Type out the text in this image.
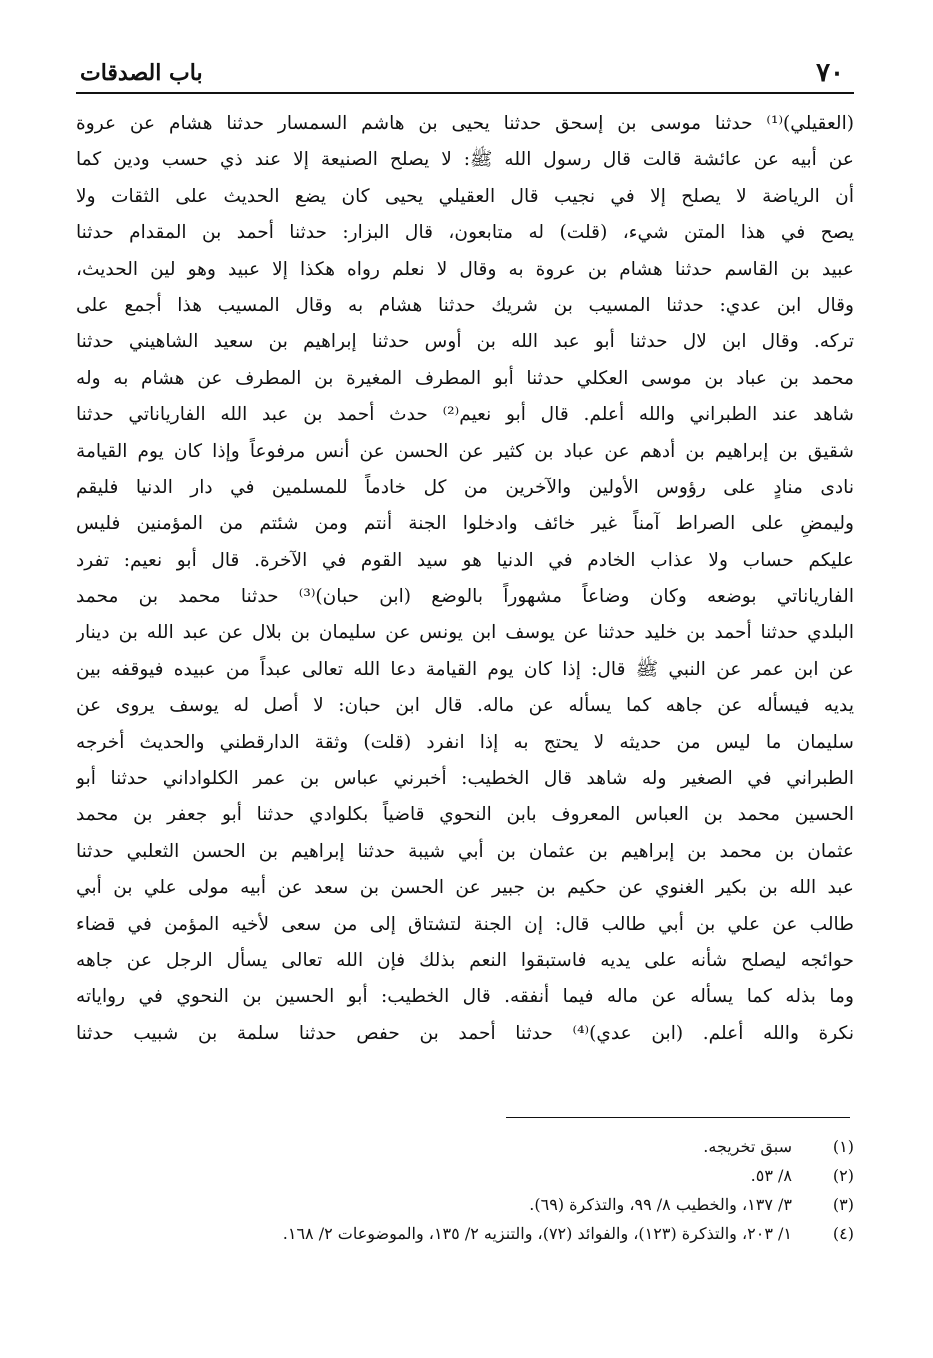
٧٠
باب الصدقات
(العقيلي)⁽¹⁾ حدثنا موسى بن إسحق حدثنا يحيى بن هاشم السمسار حدثنا هشام عن عروة
عن أبيه عن عائشة قالت قال رسول الله ﷺ: لا يصلح الصنيعة إلا عند ذي حسب ودين كما
أن الرياضة لا يصلح إلا في نجيب قال العقيلي يحيى كان يضع الحديث على الثقات ولا
يصح في هذا المتن شيء، (قلت) له متابعون، قال البزار: حدثنا أحمد بن المقدام حدثنا
عبيد بن القاسم حدثنا هشام بن عروة به وقال لا نعلم رواه هكذا إلا عبيد وهو لين الحديث،
وقال ابن عدي: حدثنا المسيب بن شريك حدثنا هشام به وقال المسيب هذا أجمع على
تركه. وقال ابن لال حدثنا أبو عبد الله بن أوس حدثنا إبراهيم بن سعيد الشاهيني حدثنا
محمد بن عباد بن موسى العكلي حدثنا أبو المطرف المغيرة بن المطرف عن هشام به وله
شاهد عند الطبراني والله أعلم. قال أبو نعيم⁽²⁾ حدث أحمد بن عبد الله الفارياناتي حدثنا
شقيق بن إبراهيم بن أدهم عن عباد بن كثير عن الحسن عن أنس مرفوعاً وإذا كان يوم القيامة
نادى منادٍ على رؤوس الأولين والآخرين من كل خادماً للمسلمين في دار الدنيا فليقم
وليمضِ على الصراط آمناً غير خائف وادخلوا الجنة أنتم ومن شئتم من المؤمنين فليس
عليكم حساب ولا عذاب الخادم في الدنيا هو سيد القوم في الآخرة. قال أبو نعيم: تفرد
الفارياناتي بوضعه وكان وضاعاً مشهوراً بالوضع (ابن حبان)⁽³⁾ حدثنا محمد بن محمد
البلدي حدثنا أحمد بن خليد حدثنا عن يوسف ابن يونس عن سليمان بن بلال عن عبد الله بن دينار
عن ابن عمر عن النبي ﷺ قال: إذا كان يوم القيامة دعا الله تعالى عبداً من عبيده فيوقفه بين
يديه فيسأله عن جاهه كما يسأله عن ماله. قال ابن حبان: لا أصل له يوسف يروى عن
سليمان ما ليس من حديثه لا يحتج به إذا انفرد (قلت) وثقة الدارقطني والحديث أخرجه
الطبراني في الصغير وله شاهد قال الخطيب: أخبرني عباس بن عمر الكلواداني حدثنا أبو
الحسين محمد بن العباس المعروف بابن النحوي قاضياً بكلوادي حدثنا أبو جعفر بن محمد
عثمان بن محمد بن إبراهيم بن عثمان بن أبي شيبة حدثنا إبراهيم بن الحسن الثعلبي حدثنا
عبد الله بن بكير الغنوي عن حكيم بن جبير عن الحسن بن سعد عن أبيه مولى علي بن أبي
طالب عن علي بن أبي طالب قال: إن الجنة لتشتاق إلى من سعى لأخيه المؤمن في قضاء
حوائجه ليصلح شأنه على يديه فاستبقوا النعم بذلك فإن الله تعالى يسأل الرجل عن جاهه
وما بذله كما يسأله عن ماله فيما أنفقه. قال الخطيب: أبو الحسين بن النحوي في رواياته
نكرة والله أعلم. (ابن عدي)⁽⁴⁾ حدثنا أحمد بن حفص حدثنا سلمة بن شبيب حدثنا
(١)
سبق تخريجه.
(٢)
٨/ ٥٣.
(٣)
٣/ ١٣٧، والخطيب ٨/ ٩٩، والتذكرة (٦٩).
(٤)
١/ ٢٠٣، والتذكرة (١٢٣)، والفوائد (٧٢)، والتنزيه ٢/ ١٣٥، والموضوعات ٢/ ١٦٨.
